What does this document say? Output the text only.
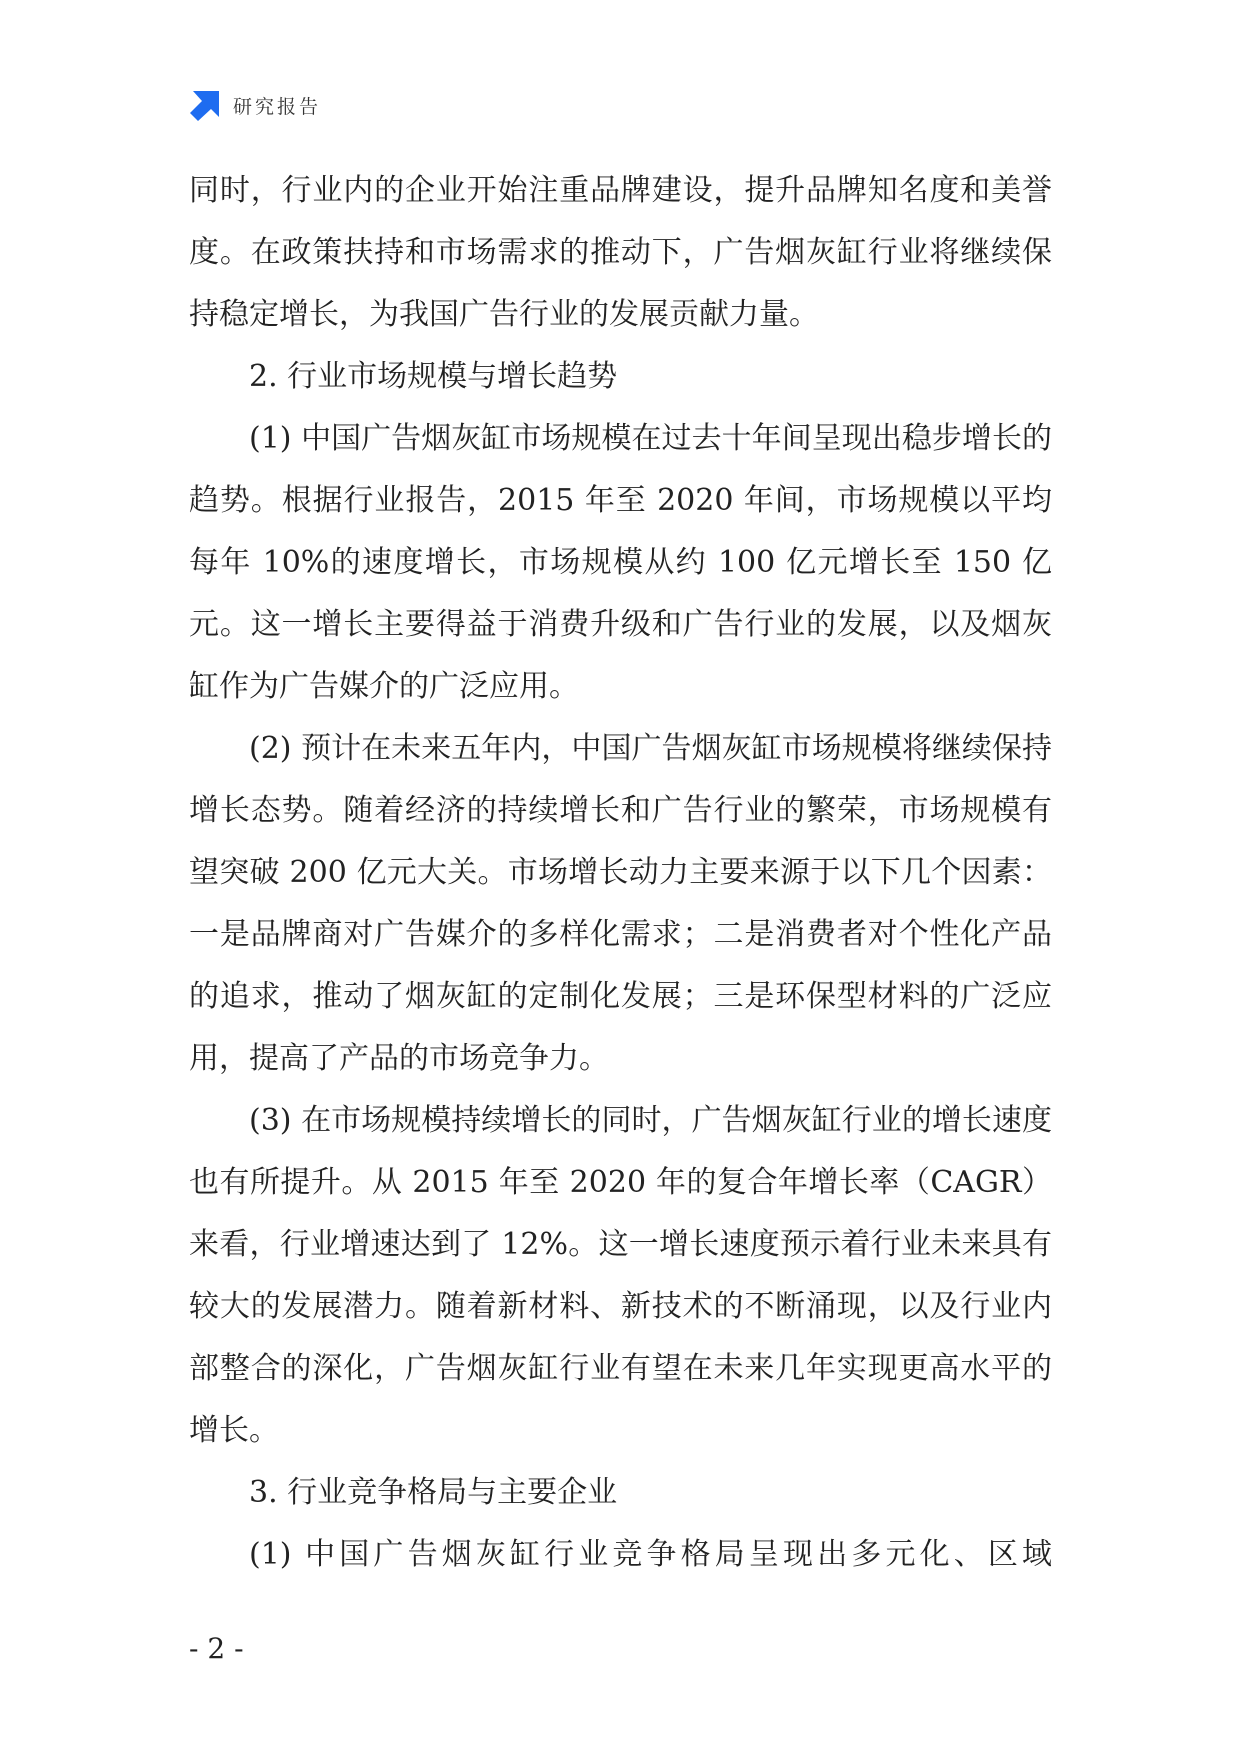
研究报告

同时，行业内的企业开始注重品牌建设，提升品牌知名度和美誉度。在政策扶持和市场需求的推动下，广告烟灰缸行业将继续保持稳定增长，为我国广告行业的发展贡献力量。

2. 行业市场规模与增长趋势

(1) 中国广告烟灰缸市场规模在过去十年间呈现出稳步增长的趋势。根据行业报告，2015 年至 2020 年间，市场规模以平均每年 10%的速度增长，市场规模从约 100 亿元增长至 150 亿元。这一增长主要得益于消费升级和广告行业的发展，以及烟灰缸作为广告媒介的广泛应用。

(2) 预计在未来五年内，中国广告烟灰缸市场规模将继续保持增长态势。随着经济的持续增长和广告行业的繁荣，市场规模有望突破 200 亿元大关。市场增长动力主要来源于以下几个因素：一是品牌商对广告媒介的多样化需求；二是消费者对个性化产品的追求，推动了烟灰缸的定制化发展；三是环保型材料的广泛应用，提高了产品的市场竞争力。

(3) 在市场规模持续增长的同时，广告烟灰缸行业的增长速度也有所提升。从 2015 年至 2020 年的复合年增长率（CAGR）来看，行业增速达到了 12%。这一增长速度预示着行业未来具有较大的发展潜力。随着新材料、新技术的不断涌现，以及行业内部整合的深化，广告烟灰缸行业有望在未来几年实现更高水平的增长。

3. 行业竞争格局与主要企业

(1) 中国广告烟灰缸行业竞争格局呈现出多元化、区域

- 2 -
